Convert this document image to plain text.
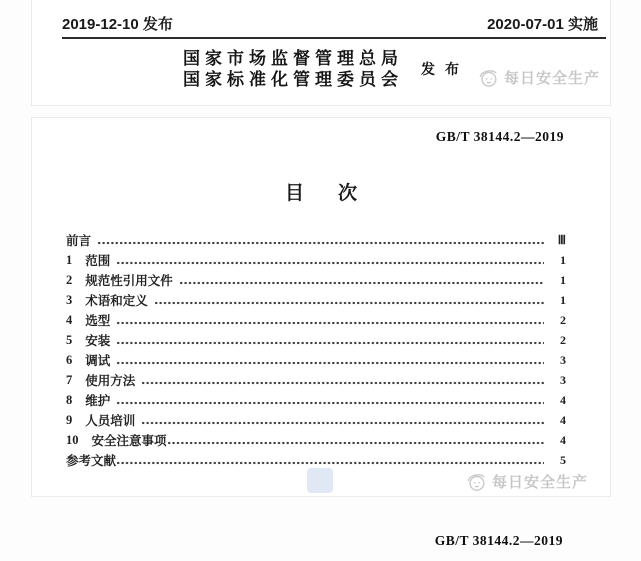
2019-12-10 发布	2020-07-01 实施
国家市场监督管理总局
国家标准化管理委员会
发布
每日安全生产
GB/T 38144.2—2019
目次
前言	Ⅲ
1 范围	1
2 规范性引用文件	1
3 术语和定义	1
4 选型	2
5 安装	2
6 调试	3
7 使用方法	3
8 维护	4
9 人员培训	4
10 安全注意事项	4
参考文献	5
每日安全生产
GB/T 38144.2—2019
